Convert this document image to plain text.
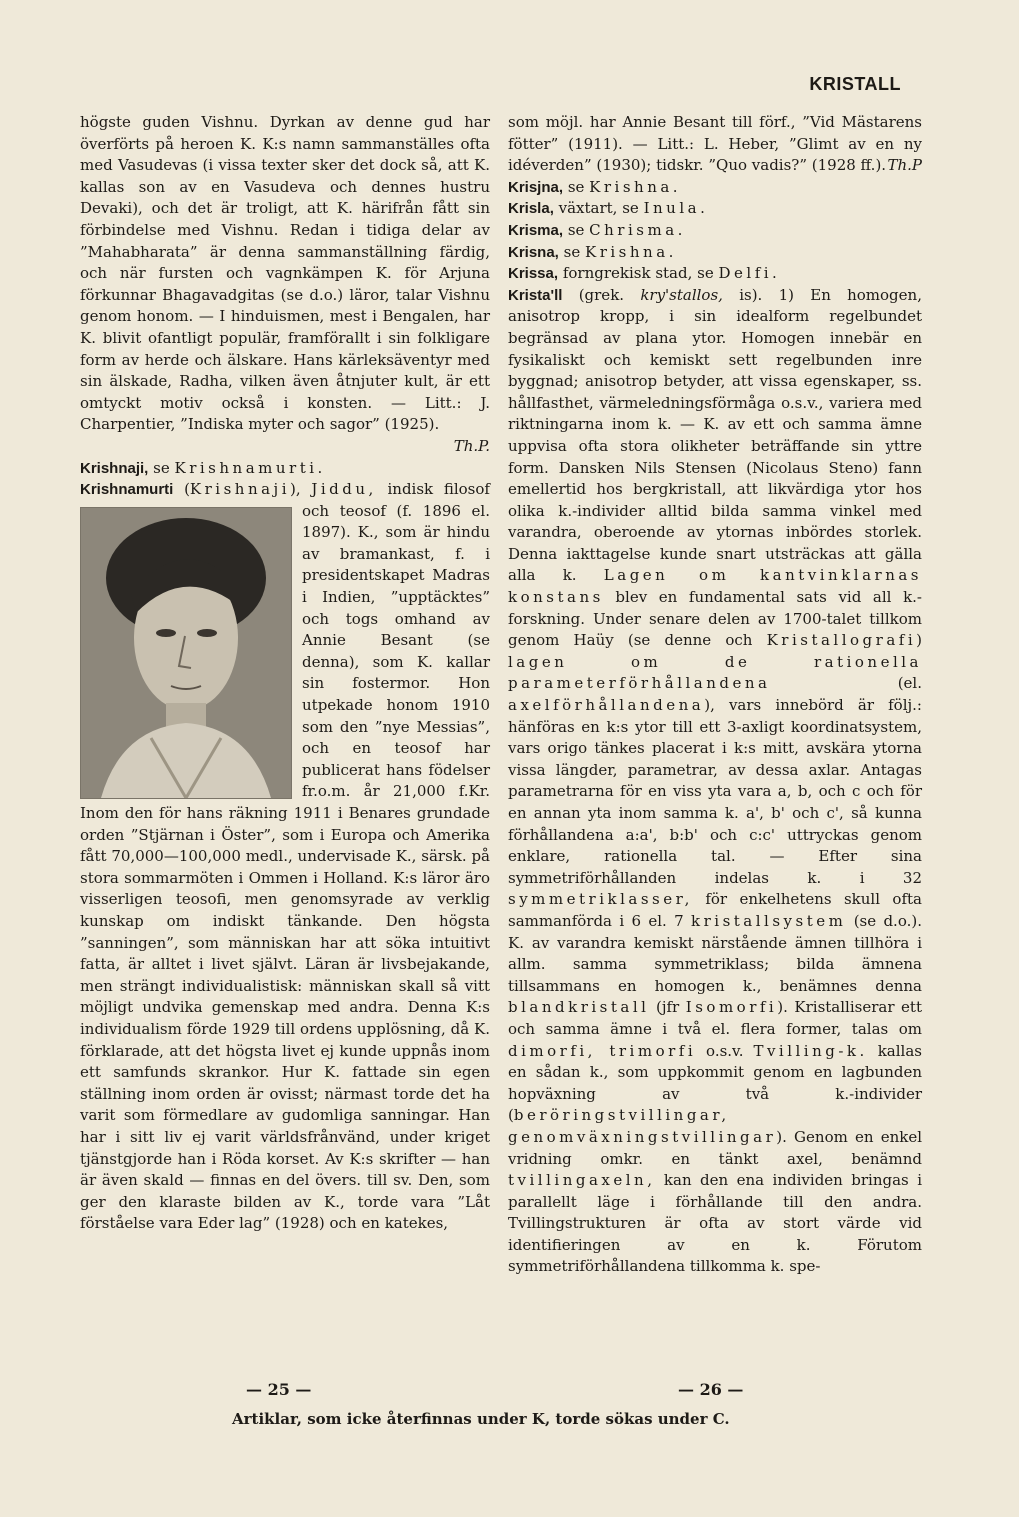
KRISTALL

högste guden Vishnu. Dyrkan av denne gud har överförts på heroen K. K:s namn sammanställes ofta med Vasudevas (i vissa texter sker det dock så, att K. kallas son av en Vasudeva och dennes hustru Devaki), och det är troligt, att K. härifrån fått sin förbindelse med Vishnu. Redan i tidiga delar av ”Mahabharata” är denna sammanställning färdig, och när fursten och vagnkämpen K. för Arjuna förkunnar Bhagavadgitas (se d.o.) läror, talar Vishnu genom honom. — I hinduismen, mest i Bengalen, har K. blivit ofantligt populär, framförallt i sin folkligare form av herde och älskare. Hans kärleksäventyr med sin älskade, Radha, vilken även åtnjuter kult, är ett omtyckt motiv också i konsten. — Litt.: J. Charpentier, ”Indiska myter och sagor” (1925).
Th.P.

Krishnaji, se Krishnamurti.

Krishnamurti (Krishnaji), Jiddu, indisk filosof och teosof (f. 1896 el. 1897). K., som är hindu av bramankast, f. i presidentskapet Madras i Indien, ”upptäcktes” och togs omhand av Annie Besant (se denna), som K. kallar sin fostermor. Hon utpekade honom 1910 som den ”nye Messias”, och en teosof har publicerat hans födelser fr.o.m. år 21,000 f.Kr. Inom den för hans räkning 1911 i Benares grundade orden ”Stjärnan i Öster”, som i Europa och Amerika fått 70,000—100,000 medl., undervisade K., särsk. på stora sommarmöten i Ommen i Holland. K:s läror äro visserligen teosofi, men genomsyrade av verklig kunskap om indiskt tänkande. Den högsta ”sanningen”, som människan har att söka intuitivt fatta, är alltet i livet självt. Läran är livsbejakande, men strängt individualistisk: människan skall så vitt möjligt undvika gemenskap med andra. Denna K:s individualism förde 1929 till ordens upplösning, då K. förklarade, att det högsta livet ej kunde uppnås inom ett samfunds skrankor. Hur K. fattade sin egen ställning inom orden är ovisst; närmast torde det ha varit som förmedlare av gudomliga sanningar. Han har i sitt liv ej varit världsfrånvänd, under kriget tjänstgjorde han i Röda korset. Av K:s skrifter — han är även skald — finnas en del övers. till sv. Den, som ger den klaraste bilden av K., torde vara ”Låt förståelse vara Eder lag” (1928) och en katekes,

som möjl. har Annie Besant till förf., ”Vid Mästarens fötter” (1911). — Litt.: L. Heber, ”Glimt av en ny idéverden” (1930); tidskr. ”Quo vadis?” (1928 ff.). Th.P

Krisjna, se Krishna.

Krisla, växtart, se Inula.

Krisma, se Chrisma.

Krisna, se Krishna.

Krissa, forngrekisk stad, se Delfi.

Krista'll (grek. kry'stallos, is). 1) En homogen, anisotrop kropp, i sin idealform regelbundet begränsad av plana ytor. Homogen innebär en fysikaliskt och kemiskt sett regelbunden inre byggnad; anisotrop betyder, att vissa egenskaper, ss. hållfasthet, värmeledningsförmåga o.s.v., variera med riktningarna inom k. — K. av ett och samma ämne uppvisa ofta stora olikheter beträffande sin yttre form. Dansken Nils Stensen (Nicolaus Steno) fann emellertid hos bergkristall, att likvärdiga ytor hos olika k.-individer alltid bilda samma vinkel med varandra, oberoende av ytornas inbördes storlek. Denna iakttagelse kunde snart utsträckas att gälla alla k. Lagen om kantvinklarnas konstans blev en fundamental sats vid all k.-forskning. Under senare delen av 1700-talet tillkom genom Haüy (se denne och Kristallografi) lagen om de rationella parameterförhållandena	(el. axelförhållandena), vars innebörd är följ.: hänföras en k:s ytor till ett 3-axligt koordinatsystem, vars origo tänkes placerat i k:s mitt, avskära ytorna vissa längder, parametrar, av dessa axlar. Antagas parametrarna för en viss yta vara a, b, och c och för en annan yta inom samma k. a', b' och c', så kunna förhållandena a:a', b:b' och c:c' uttryckas genom enklare, rationella tal. — Efter sina symmetriförhållanden indelas k. i 32 symmetriklasser, för enkelhetens skull ofta sammanförda i 6 el. 7 kristallsystem (se d.o.). K. av varandra kemiskt närstående ämnen tillhöra i allm. samma symmetriklass; bilda ämnena tillsammans en homogen k., benämnes denna blandkristall (jfr Isomorfi). Kristalliserar ett och samma ämne i två el. flera former, talas om dimorfi, trimorfi o.s.v. Tvilling-k. kallas en sådan k., som uppkommit genom en lagbunden hopväxning av två k.-individer (beröringstvillingar, genomväxningstvillingar). Genom en enkel vridning omkr. en tänkt axel, benämnd tvillingaxeln, kan den ena individen bringas i parallellt läge i förhållande till den andra. Tvillingstrukturen är ofta av stort värde vid identifieringen av en k. Förutom symmetriförhållandena tillkomma k. spe-

— 25 —	— 26 —
Artiklar, som icke återfinnas under K, torde sökas under C.
